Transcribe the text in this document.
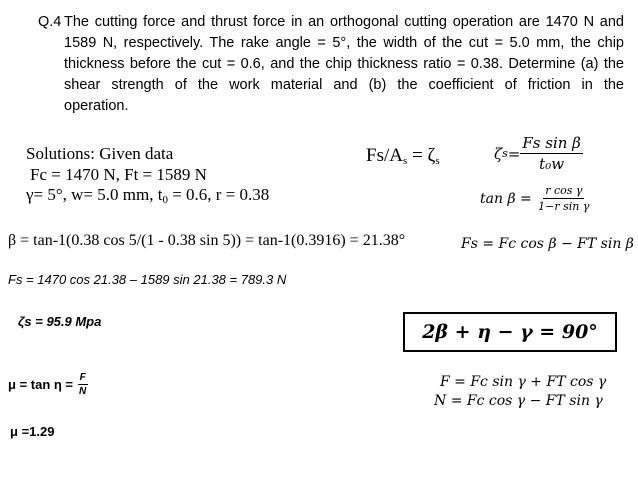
Q.4 The cutting force and thrust force in an orthogonal cutting operation are 1470 N and
1589 N, respectively. The rake angle = 5°, the width of the cut = 5.0 mm, the chip
thickness before the cut = 0.6, and the chip thickness ratio = 0.38. Determine (a) the
shear strength of the work material and (b) the coefficient of friction in the
operation.
Solutions: Given data
Fc = 1470 N, Ft = 1589 N
γ= 5°, w= 5.0 mm, $t_0 = 0.6$, r = 0.38
$Fs/A_s = \zeta_s$	ζ $s = \frac{\text{Fs sin β}}{\text{t₀w}}$
tan β =
$\frac{\text{r cos γ}}{\text{1−r sin γ}}$
β = tan-1(0.38 cos 5/(1 - 0.38 sin 5)) = tan-1(0.3916) = 21.38°	Fs = Fc cos β − FT sin β
Fs = 1470 cos 21.38 – 1589 sin 21.38 = 789.3 N
ζs = 95.9 Mpa	2β + η − γ = 90°
$\mu = \tan \eta = \frac{F}{N}$	F = Fc sin γ + FT cos γ
N = Fc cos γ − FT sin γ
μ =1.29
